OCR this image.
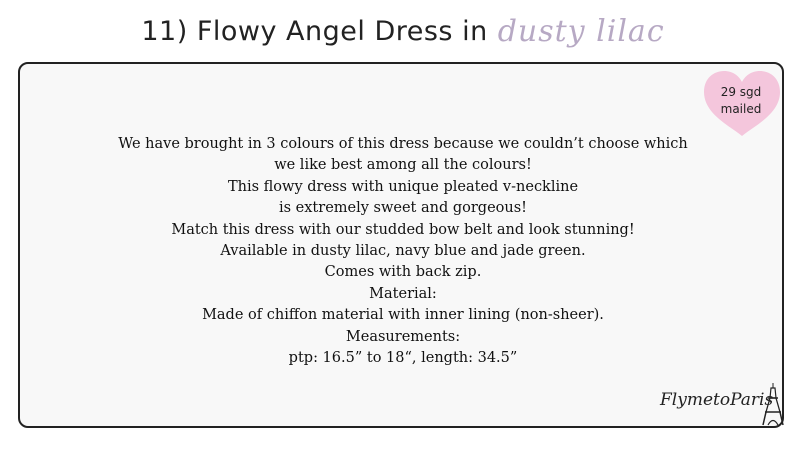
11) Flowy Angel Dress in dusty lilac
29 sgd
mailed
We have brought in 3 colours of this dress because we couldn’t choose which
we like best among all the colours!
This flowy dress with unique pleated v-neckline
is extremely sweet and gorgeous!
Match this dress with our studded bow belt and look stunning!
Available in dusty lilac, navy blue and jade green.
Comes with back zip.
Material:
Made of chiffon material with inner lining (non-sheer).
Measurements:
ptp: 16.5” to 18“, length: 34.5”
FlymetoParis
